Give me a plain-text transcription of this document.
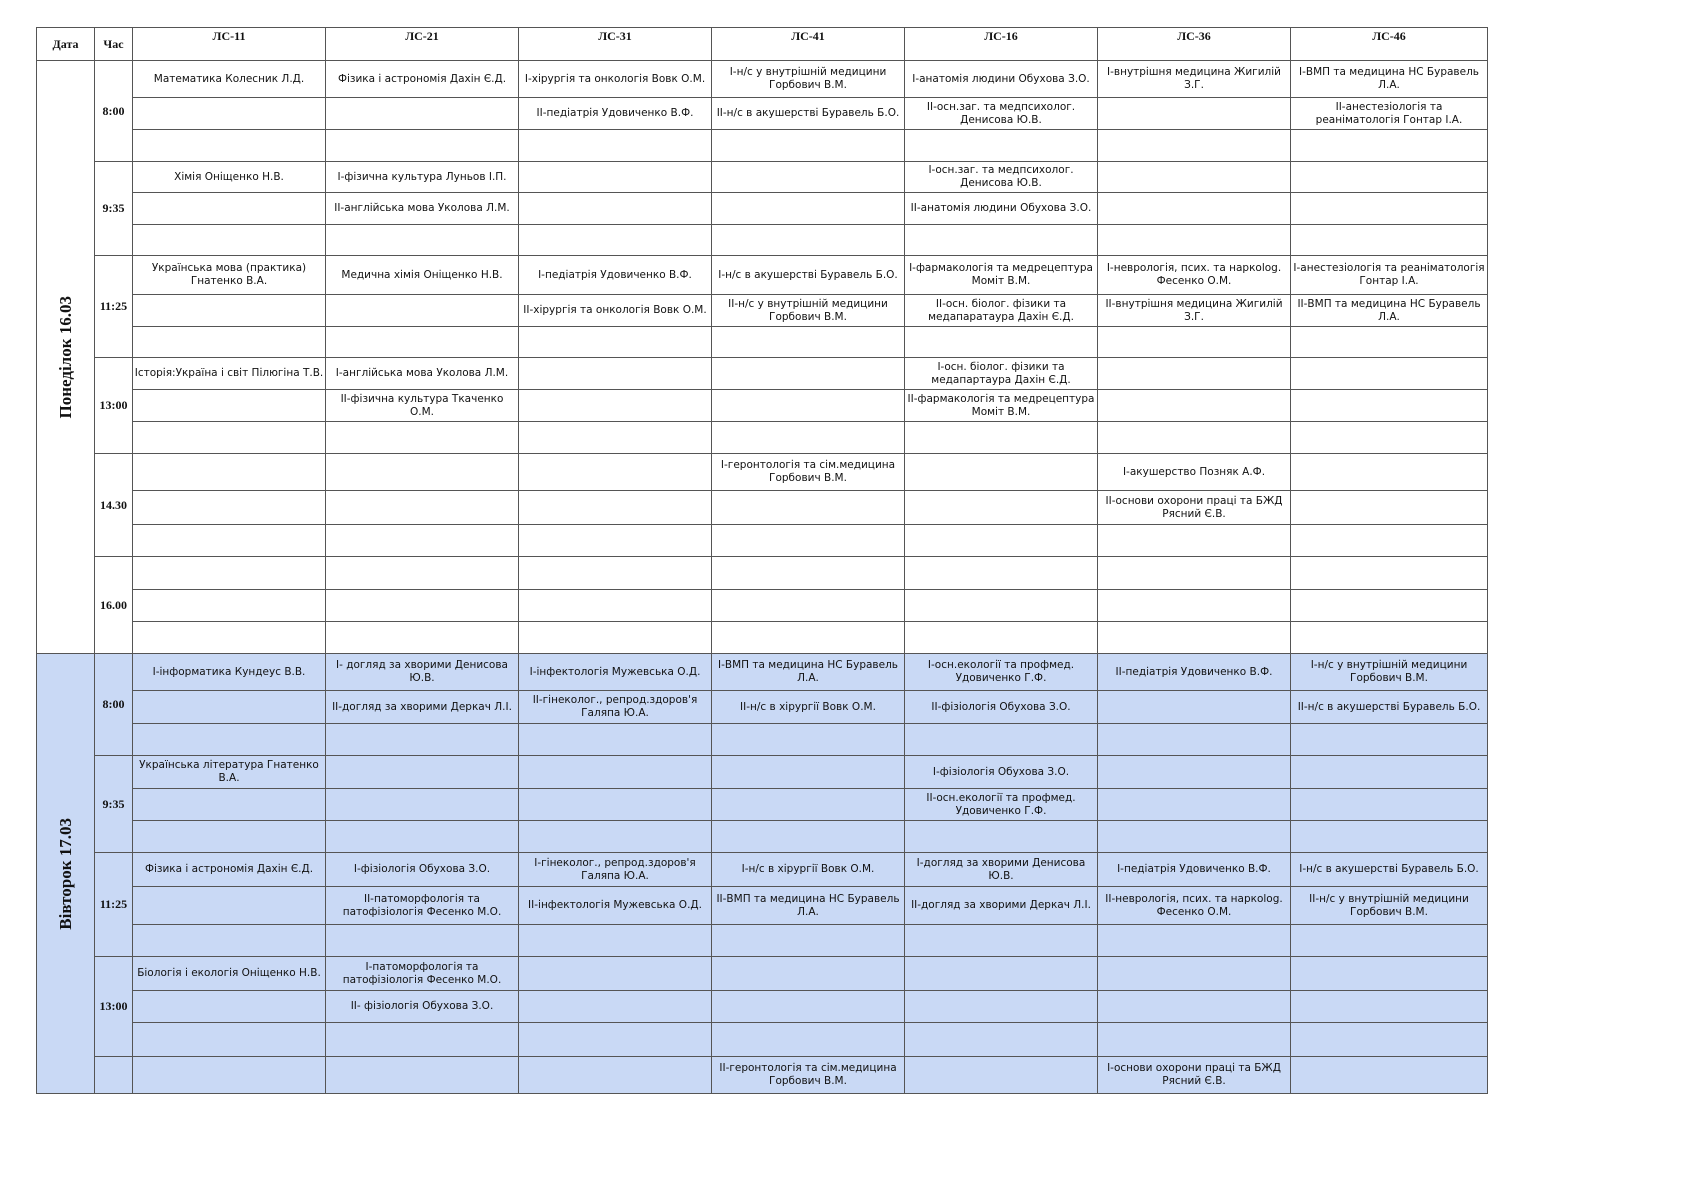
Дата	Час	ЛС-11	ЛС-21	ЛС-31	ЛС-41	ЛС-16	ЛС-36	ЛС-46

Понеділок 16.03	8:00	Математика Колесник Л.Д.	Фізика і астрономія Дахін Є.Д.	І-хірургія та онкологія Вовк О.М.	І-н/с у внутрішній медицини Горбович В.М.	І-анатомія людини Обухова З.О.	І-внутрішня медицина Жигилій З.Г.	І-ВМП та медицина НС Буравель Л.А.
				ІІ-педіатрія Удовиченко В.Ф.	ІІ-н/с в акушерстві Буравель Б.О.	ІІ-осн.заг. та медпсихолог. Денисова Ю.В.		ІІ-анестезіологія та реаніматологія Гонтар І.А.

	9:35	Хімія Оніщенко Н.В.	І-фізична культура Луньов І.П.			І-осн.заг. та медпсихолог. Денисова Ю.В.		
			ІІ-англійська мова Уколова Л.М.			ІІ-анатомія людини Обухова З.О.		

	11:25	Українська мова (практика) Гнатенко В.А.	Медична хімія Оніщенко Н.В.	І-педіатрія Удовиченко В.Ф.	І-н/с в акушерстві Буравель Б.О.	І-фармакологія та медрецептура Моміт В.М.	І-неврологія, псих. та наркolog. Фесенко О.М.	І-анестезіологія та реаніматологія Гонтар І.А.
				ІІ-хірургія та онкологія Вовк О.М.	ІІ-н/с у внутрішній медицини Горбович В.М.	ІІ-осн. біолог. фізики та медапаратаура Дахін Є.Д.	ІІ-внутрішня медицина Жигилій З.Г.	ІІ-ВМП та медицина НС Буравель Л.А.

	13:00	Історія:Україна і світ Пілюгіна Т.В.	І-англійська мова Уколова Л.М.			І-осн. біолог. фізики та медапартаура Дахін Є.Д.		
			ІІ-фізична культура Ткаченко О.М.			ІІ-фармакологія та медрецептура Моміт В.М.		

	14.30				І-геронтологія та сім.медицина Горбович В.М.		І-акушерство Позняк А.Ф.	
							ІІ-основи охорони праці та БЖД Рясний Є.В.	

	16.00							

Вівторок 17.03	8:00	І-інформатика Кундеус В.В.	І- догляд за хворими Денисова Ю.В.	І-інфектологія Мужевська О.Д.	І-ВМП та медицина НС Буравель Л.А.	І-осн.екології та профмед. Удовиченко Г.Ф.	ІІ-педіатрія Удовиченко В.Ф.	І-н/с у внутрішній медицини Горбович В.М.
			ІІ-догляд за хворими Деркач Л.І.	ІІ-гінеколог., репрод.здоров'я Галяпа Ю.А.	ІІ-н/с в хірургії Вовк О.М.	ІІ-фізіологія Обухова З.О.		ІІ-н/с в акушерстві Буравель Б.О.

	9:35	Українська література Гнатенко В.А.				І-фізіологія Обухова З.О.		
						ІІ-осн.екології та профмед. Удовиченко Г.Ф.		

	11:25	Фізика і астрономія Дахін Є.Д.	І-фізіологія Обухова З.О.	І-гінеколог., репрод.здоров'я Галяпа Ю.А.	І-н/с в хірургії Вовк О.М.	І-догляд за хворими Денисова Ю.В.	І-педіатрія Удовиченко В.Ф.	І-н/с в акушерстві Буравель Б.О.
			ІІ-патоморфологія та патофізіологія Фесенко М.О.	ІІ-інфектологія Мужевська О.Д.	ІІ-ВМП та медицина НС Буравель Л.А.	ІІ-догляд за хворими Деркач Л.І.	ІІ-неврологія, псих. та наркolog. Фесенко О.М.	ІІ-н/с у внутрішній медицини Горбович В.М.

	13:00	Біологія і екологія Оніщенко Н.В.	І-патоморфологія та патофізіологія Фесенко М.О.					
			ІІ- фізіологія Обухова З.О.					

					ІІ-геронтологія та сім.медицина Горбович В.М.		І-основи охорони праці та БЖД Рясний Є.В.	
